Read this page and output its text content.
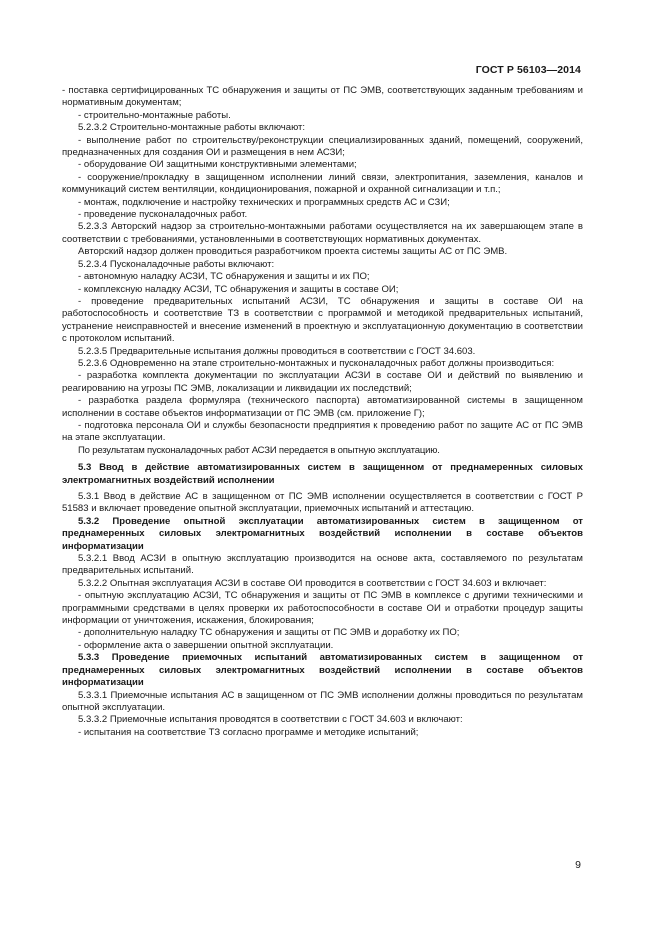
ГОСТ Р 56103—2014

- поставка сертифицированных ТС обнаружения и защиты от ПС ЭМВ, соответствующих заданным требованиям и нормативным документам;

- строительно-монтажные работы.

5.2.3.2 Строительно-монтажные работы включают:

- выполнение работ по строительству/реконструкции специализированных зданий, помещений, сооружений, предназначенных для создания ОИ и размещения в нем АСЗИ;

- оборудование ОИ защитными конструктивными элементами;

- сооружение/прокладку в защищенном исполнении линий связи, электропитания, заземления, каналов и коммуникаций систем вентиляции, кондиционирования, пожарной и охранной сигнализации и т.п.;

- монтаж, подключение и настройку технических и программных средств АС и СЗИ;

- проведение пусконаладочных работ.

5.2.3.3 Авторский надзор за строительно-монтажными работами осуществляется на их завершающем этапе в соответствии с требованиями, установленными в соответствующих нормативных документах.

Авторский надзор должен проводиться разработчиком проекта системы защиты АС от ПС ЭМВ.

5.2.3.4 Пусконаладочные работы включают:

- автономную наладку АСЗИ, ТС обнаружения и защиты и их ПО;

- комплексную наладку АСЗИ, ТС обнаружения и защиты в составе ОИ;

- проведение предварительных испытаний АСЗИ, ТС обнаружения и защиты в составе ОИ на работоспособность и соответствие ТЗ в соответствии с программой и методикой предварительных испытаний, устранение неисправностей и внесение изменений в проектную и эксплуатационную документацию в соответствии с протоколом испытаний.

5.2.3.5 Предварительные испытания должны проводиться в соответствии с ГОСТ 34.603.

5.2.3.6 Одновременно на этапе строительно-монтажных и пусконаладочных работ должны производиться:

- разработка комплекта документации по эксплуатации АСЗИ в составе ОИ и действий по выявлению и реагированию на угрозы ПС ЭМВ, локализации и ликвидации их последствий;

- разработка раздела формуляра (технического паспорта) автоматизированной системы в защищенном исполнении в составе объектов информатизации от ПС ЭМВ (см. приложение Г);

- подготовка персонала ОИ и службы безопасности предприятия к проведению работ по защите АС от ПС ЭМВ на этапе эксплуатации.

По результатам пусконаладочных работ АСЗИ передается в опытную эксплуатацию.

5.3 Ввод в действие автоматизированных систем в защищенном от преднамеренных силовых электромагнитных воздействий исполнении

5.3.1 Ввод в действие АС в защищенном от ПС ЭМВ исполнении осуществляется в соответствии с ГОСТ Р 51583 и включает проведение опытной эксплуатации, приемочных испытаний и аттестацию.

5.3.2 Проведение опытной эксплуатации автоматизированных систем в защищенном от преднамеренных силовых электромагнитных воздействий исполнении в составе объектов информатизации

5.3.2.1 Ввод АСЗИ в опытную эксплуатацию производится на основе акта, составляемого по результатам предварительных испытаний.

5.3.2.2 Опытная эксплуатация АСЗИ в составе ОИ проводится в соответствии с ГОСТ 34.603 и включает:

- опытную эксплуатацию АСЗИ, ТС обнаружения и защиты от ПС ЭМВ в комплексе с другими техническими и программными средствами в целях проверки их работоспособности в составе ОИ и отработки процедур защиты информации от уничтожения, искажения, блокирования;

- дополнительную наладку ТС обнаружения и защиты от ПС ЭМВ и доработку их ПО;

- оформление акта о завершении опытной эксплуатации.

5.3.3 Проведение приемочных испытаний автоматизированных систем в защищенном от преднамеренных силовых электромагнитных воздействий исполнении в составе объектов информатизации

5.3.3.1 Приемочные испытания АС в защищенном от ПС ЭМВ исполнении должны проводиться по результатам опытной эксплуатации.

5.3.3.2 Приемочные испытания проводятся в соответствии с ГОСТ 34.603 и включают:

- испытания на соответствие ТЗ согласно программе и методике испытаний;

9
